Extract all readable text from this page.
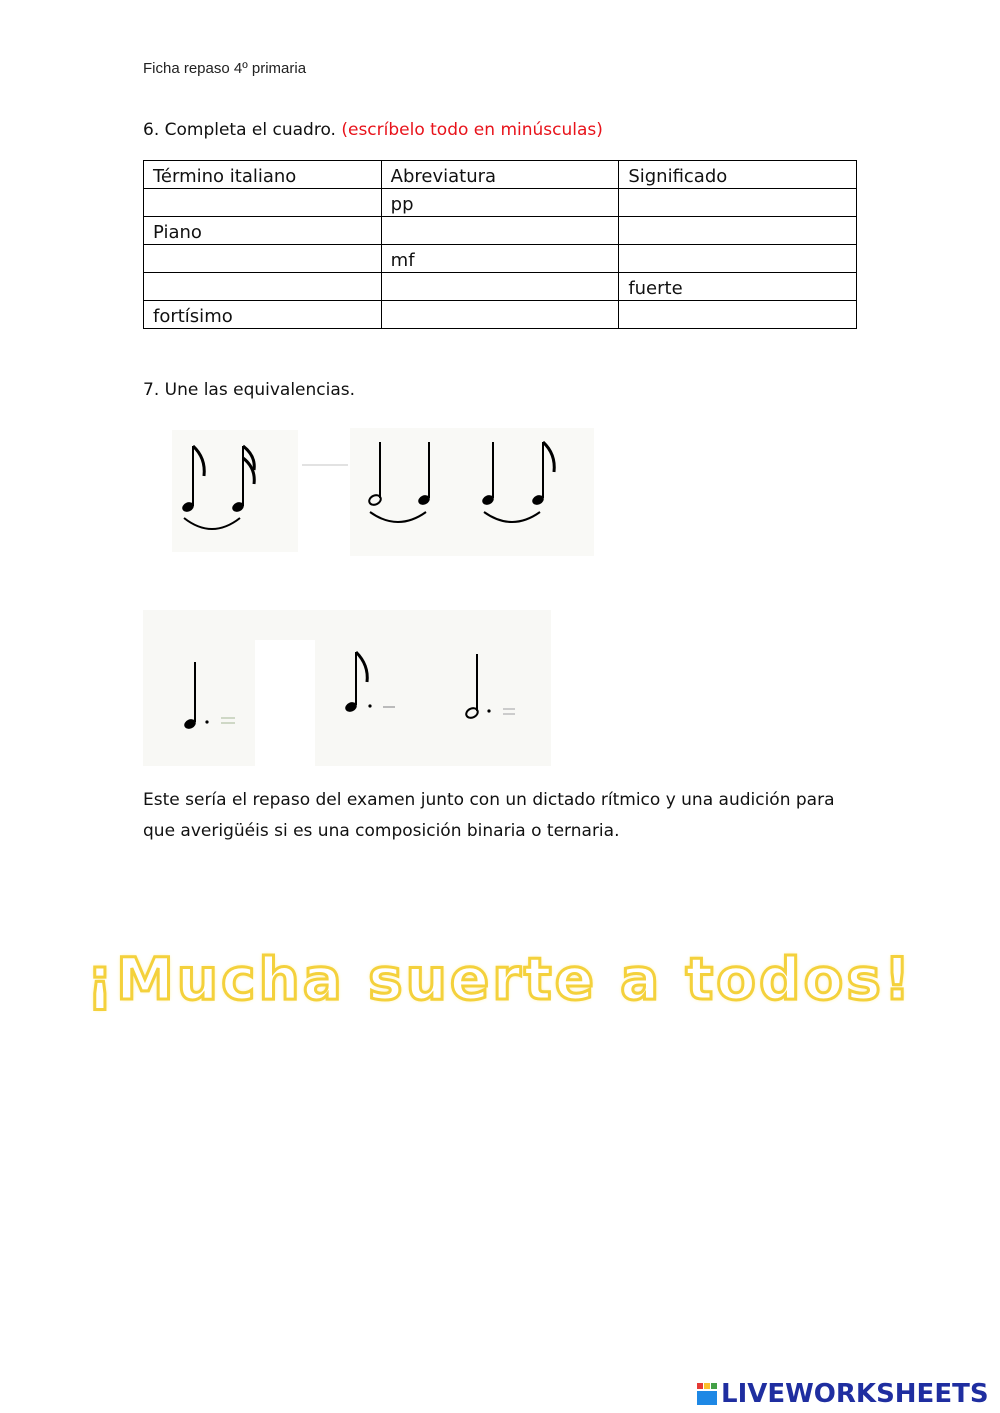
Ficha repaso 4º primaria
6. Completa el cuadro. (escríbelo todo en minúsculas)
Término italiano	Abreviatura	Significado
	pp	
Piano		
	mf	
		fuerte
fortísimo		
7. Une las equivalencias.
Este sería el repaso del examen junto con un dictado rítmico y una audición para que averigüéis si es una composición binaria o ternaria.
¡Mucha suerte a todos!
LIVEWORKSHEETS
